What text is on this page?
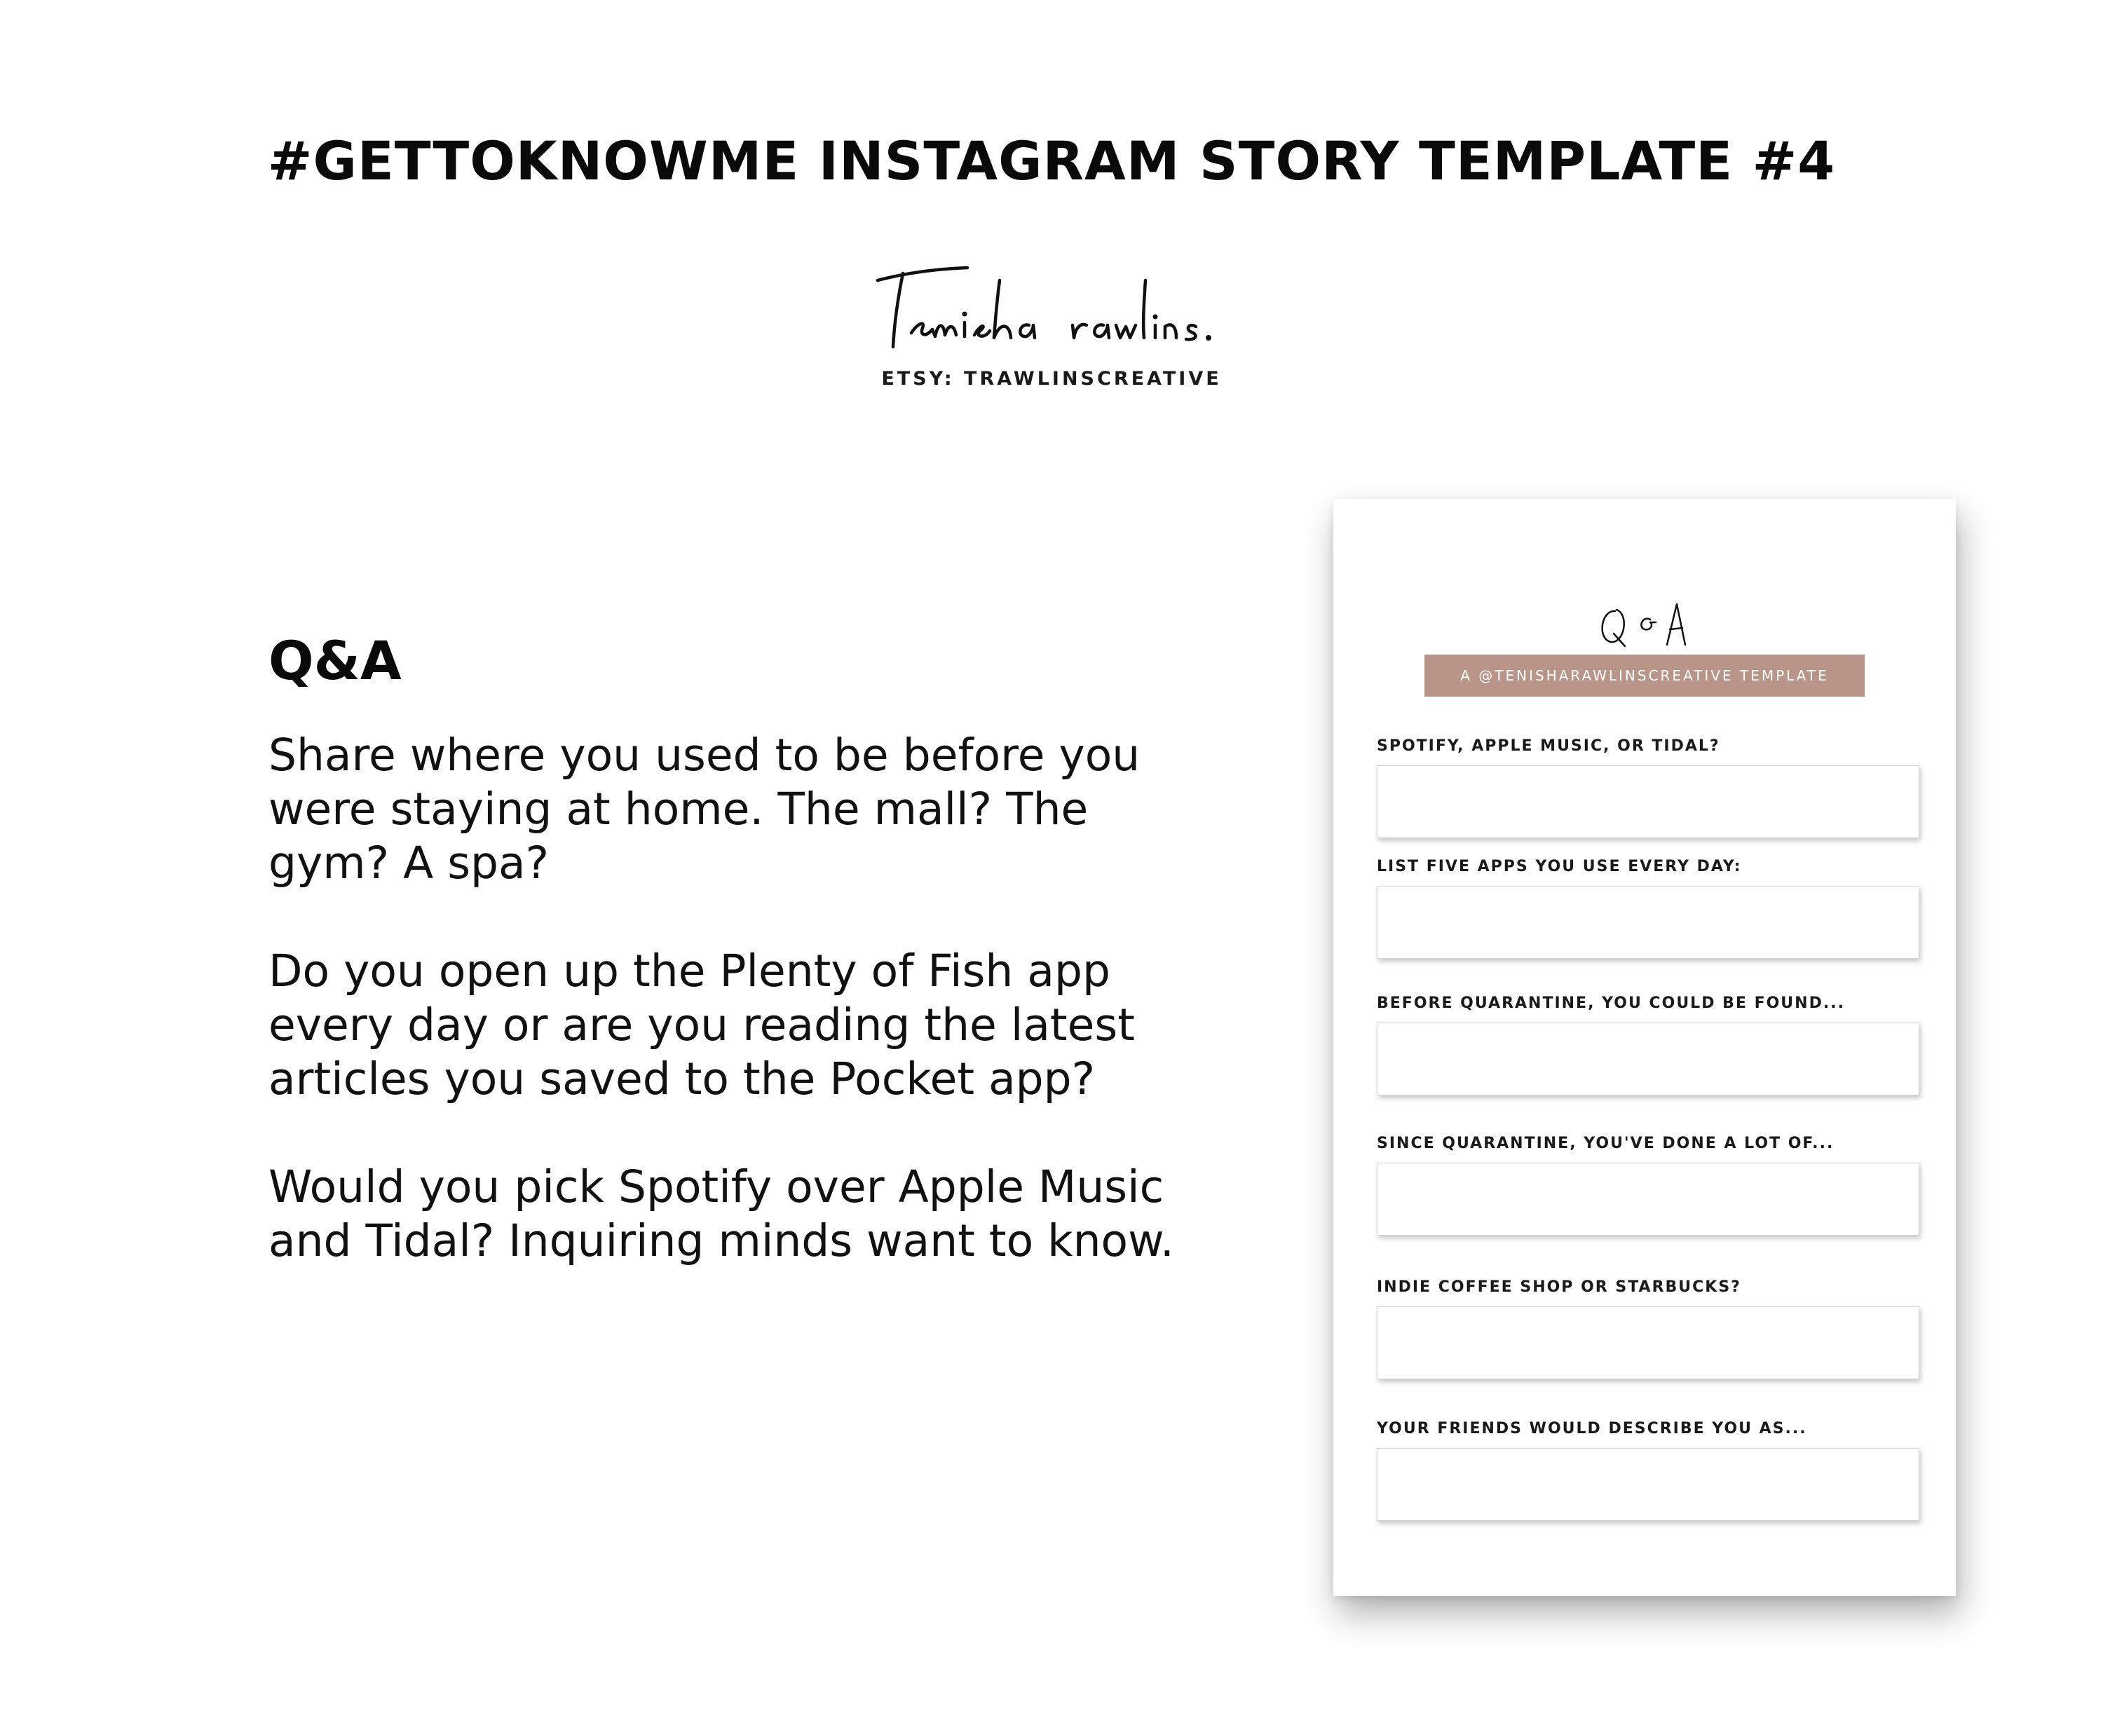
#GETTOKNOWME INSTAGRAM STORY TEMPLATE #4
ETSY: TRAWLINSCREATIVE
Q&A

Share where you used to be before you were staying at home. The mall? The gym? A spa?

Do you open up the Plenty of Fish app every day or are you reading the latest articles you saved to the Pocket app?

Would you pick Spotify over Apple Music and Tidal? Inquiring minds want to know.

A @TENISHARAWLINSCREATIVE TEMPLATE
SPOTIFY, APPLE MUSIC, OR TIDAL?
LIST FIVE APPS YOU USE EVERY DAY:
BEFORE QUARANTINE, YOU COULD BE FOUND...
SINCE QUARANTINE, YOU'VE DONE A LOT OF...
INDIE COFFEE SHOP OR STARBUCKS?
YOUR FRIENDS WOULD DESCRIBE YOU AS...
